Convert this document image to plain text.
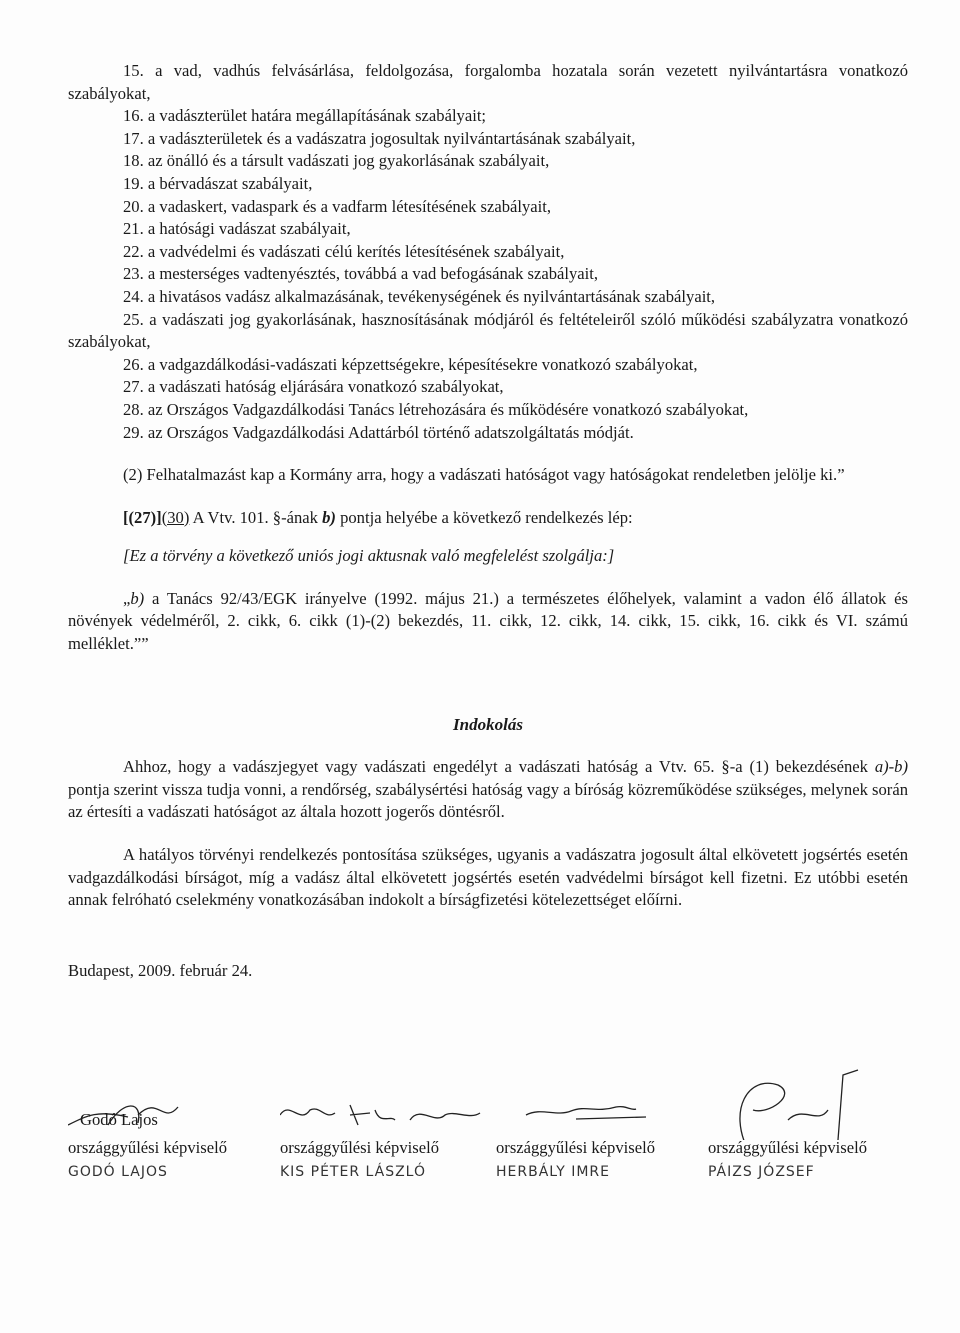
15. a vad, vadhús felvásárlása, feldolgozása, forgalomba hozatala során vezetett nyilvántartásra vonatkozó szabályokat,
16. a vadászterület határa megállapításának szabályait;
17. a vadászterületek és a vadászatra jogosultak nyilvántartásának szabályait,
18. az önálló és a társult vadászati jog gyakorlásának szabályait,
19. a bérvadászat szabályait,
20. a vadaskert, vadaspark és a vadfarm létesítésének szabályait,
21. a hatósági vadászat szabályait,
22. a vadvédelmi és vadászati célú kerítés létesítésének szabályait,
23. a mesterséges vadtenyésztés, továbbá a vad befogásának szabályait,
24. a hivatásos vadász alkalmazásának, tevékenységének és nyilvántartásának szabályait,
25. a vadászati jog gyakorlásának, hasznosításának módjáról és feltételeiről szóló működési szabályzatra vonatkozó szabályokat,
26. a vadgazdálkodási-vadászati képzettségekre, képesítésekre vonatkozó szabályokat,
27. a vadászati hatóság eljárására vonatkozó szabályokat,
28. az Országos Vadgazdálkodási Tanács létrehozására és működésére vonatkozó szabályokat,
29. az Országos Vadgazdálkodási Adattárból történő adatszolgáltatás módját.

(2) Felhatalmazást kap a Kormány arra, hogy a vadászati hatóságot vagy hatóságokat rendeletben jelölje ki.”

[(27)](30) A Vtv. 101. §-ának b) pontja helyébe a következő rendelkezés lép:

[Ez a törvény a következő uniós jogi aktusnak való megfelelést szolgálja:]

„b) a Tanács 92/43/EGK irányelve (1992. május 21.) a természetes élőhelyek, valamint a vadon élő állatok és növények védelméről, 2. cikk, 6. cikk (1)-(2) bekezdés, 11. cikk, 12. cikk, 14. cikk, 15. cikk, 16. cikk és VI. számú melléklet.””

Indokolás

Ahhoz, hogy a vadászjegyet vagy vadászati engedélyt a vadászati hatóság a Vtv. 65. §-a (1) bekezdésének a)-b) pontja szerint vissza tudja vonni, a rendőrség, szabálysértési hatóság vagy a bíróság közreműködése szükséges, melynek során az értesíti a vadászati hatóságot az általa hozott jogerős döntésről.

A hatályos törvényi rendelkezés pontosítása szükséges, ugyanis a vadászatra jogosult által elkövetett jogsértés esetén vadgazdálkodási bírságot, míg a vadász által elkövetett jogsértés esetén vadvédelmi bírságot kell fizetni. Ez utóbbi esetén annak felróható cselekmény vonatkozásában indokolt a bírságfizetési kötelezettséget előírni.

Budapest, 2009. február 24.

Godó Lajos
országgyűlési képviselő
GODÓ LAJOS
országgyűlési képviselő
KIS PÉTER LÁSZLÓ
országgyűlési képviselő
HERBÁLY IMRE
országgyűlési képviselő
PÁIZS JÓZSEF
